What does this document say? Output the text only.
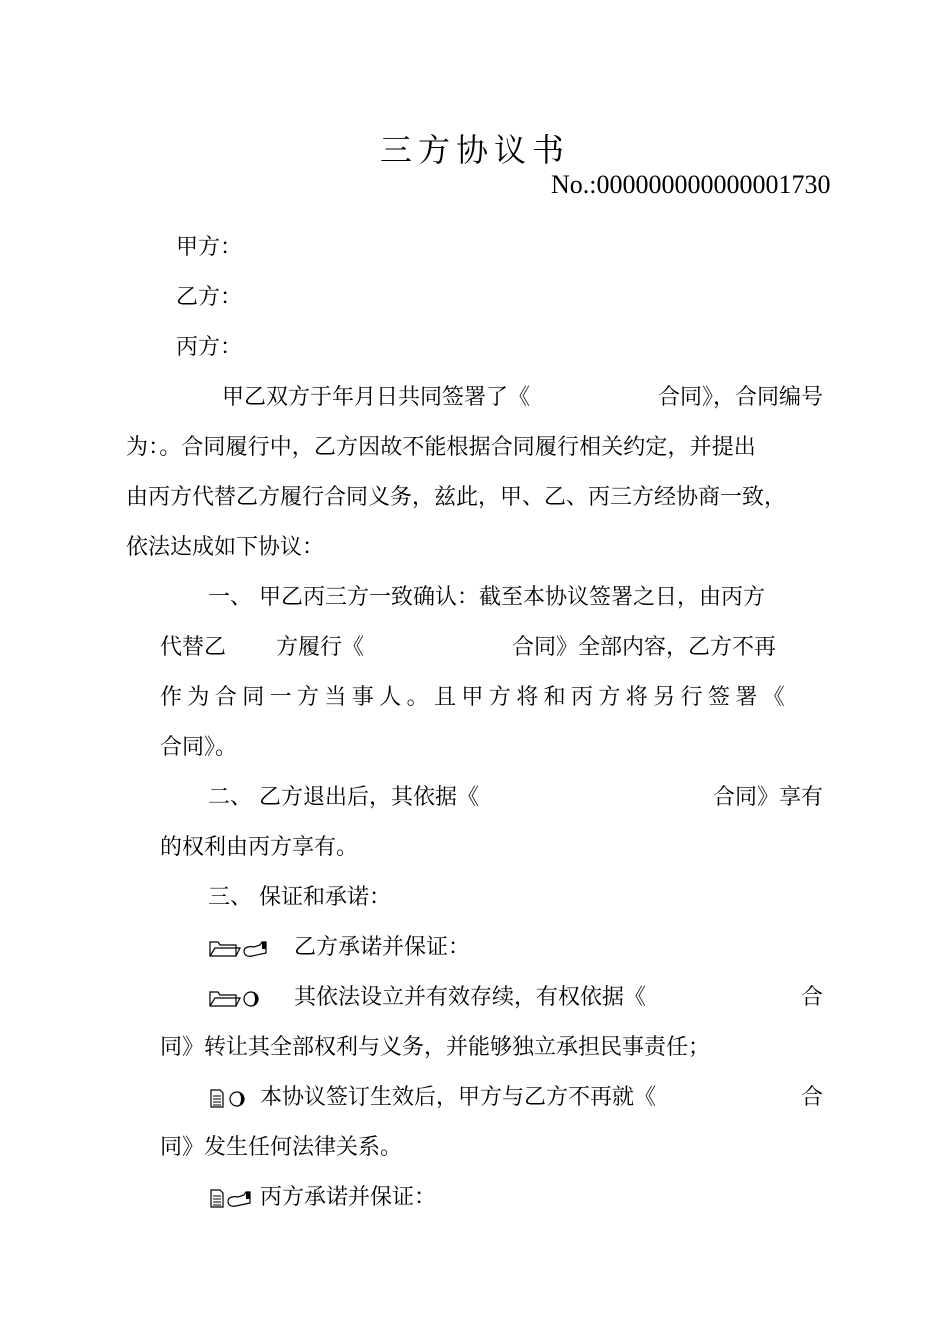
三方协议书
No.:000000000000001730
甲方：
乙方：
丙方：
甲乙双方于年月日共同签署了《	合同》，合同编号
为：。合同履行中，乙方因故不能根据合同履行相关约定，并提出
由丙方代替乙方履行合同义务，兹此，甲、乙、丙三方经协商一致，
依法达成如下协议：
一、 甲乙丙三方一致确认：截至本协议签署之日，由丙方
代替乙 方履行《	合同》全部内容，乙方不再
作为合同一方当事人。且甲方将和丙方将另行签署《
合同》。
二、 乙方退出后，其依据《	合同》享有
的权利由丙方享有。
三、 保证和承诺：
乙方承诺并保证：
其依法设立并有效存续，有权依据《	合
同》转让其全部权利与义务，并能够独立承担民事责任；
本协议签订生效后，甲方与乙方不再就《	合
同》发生任何法律关系。
丙方承诺并保证：
